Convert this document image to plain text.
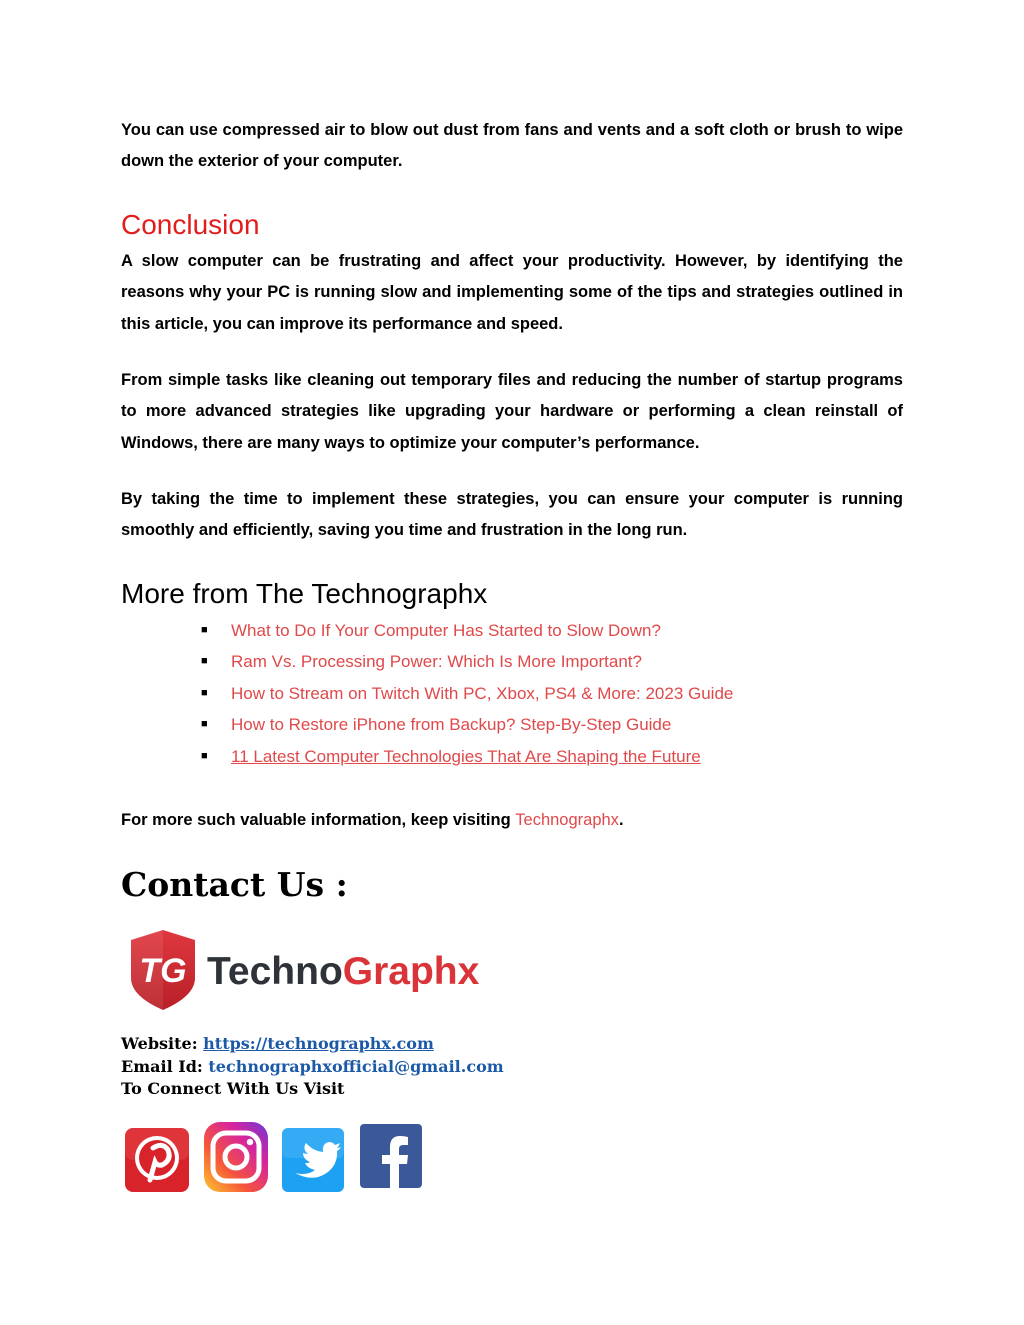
You can use compressed air to blow out dust from fans and vents and a soft cloth or brush to wipe down the exterior of your computer.

Conclusion

A slow computer can be frustrating and affect your productivity. However, by identifying the reasons why your PC is running slow and implementing some of the tips and strategies outlined in this article, you can improve its performance and speed.

From simple tasks like cleaning out temporary files and reducing the number of startup programs to more advanced strategies like upgrading your hardware or performing a clean reinstall of Windows, there are many ways to optimize your computer’s performance.

By taking the time to implement these strategies, you can ensure your computer is running smoothly and efficiently, saving you time and frustration in the long run.

More from The Technographx
■ What to Do If Your Computer Has Started to Slow Down?
■ Ram Vs. Processing Power: Which Is More Important?
■ How to Stream on Twitch With PC, Xbox, PS4 & More: 2023 Guide
■ How to Restore iPhone from Backup? Step-By-Step Guide
■ 11 Latest Computer Technologies That Are Shaping the Future

For more such valuable information, keep visiting Technographx.

Contact Us :
TG TechnoGraphx
Website: https://technographx.com
Email Id: technographxofficial@gmail.com
To Connect With Us Visit
